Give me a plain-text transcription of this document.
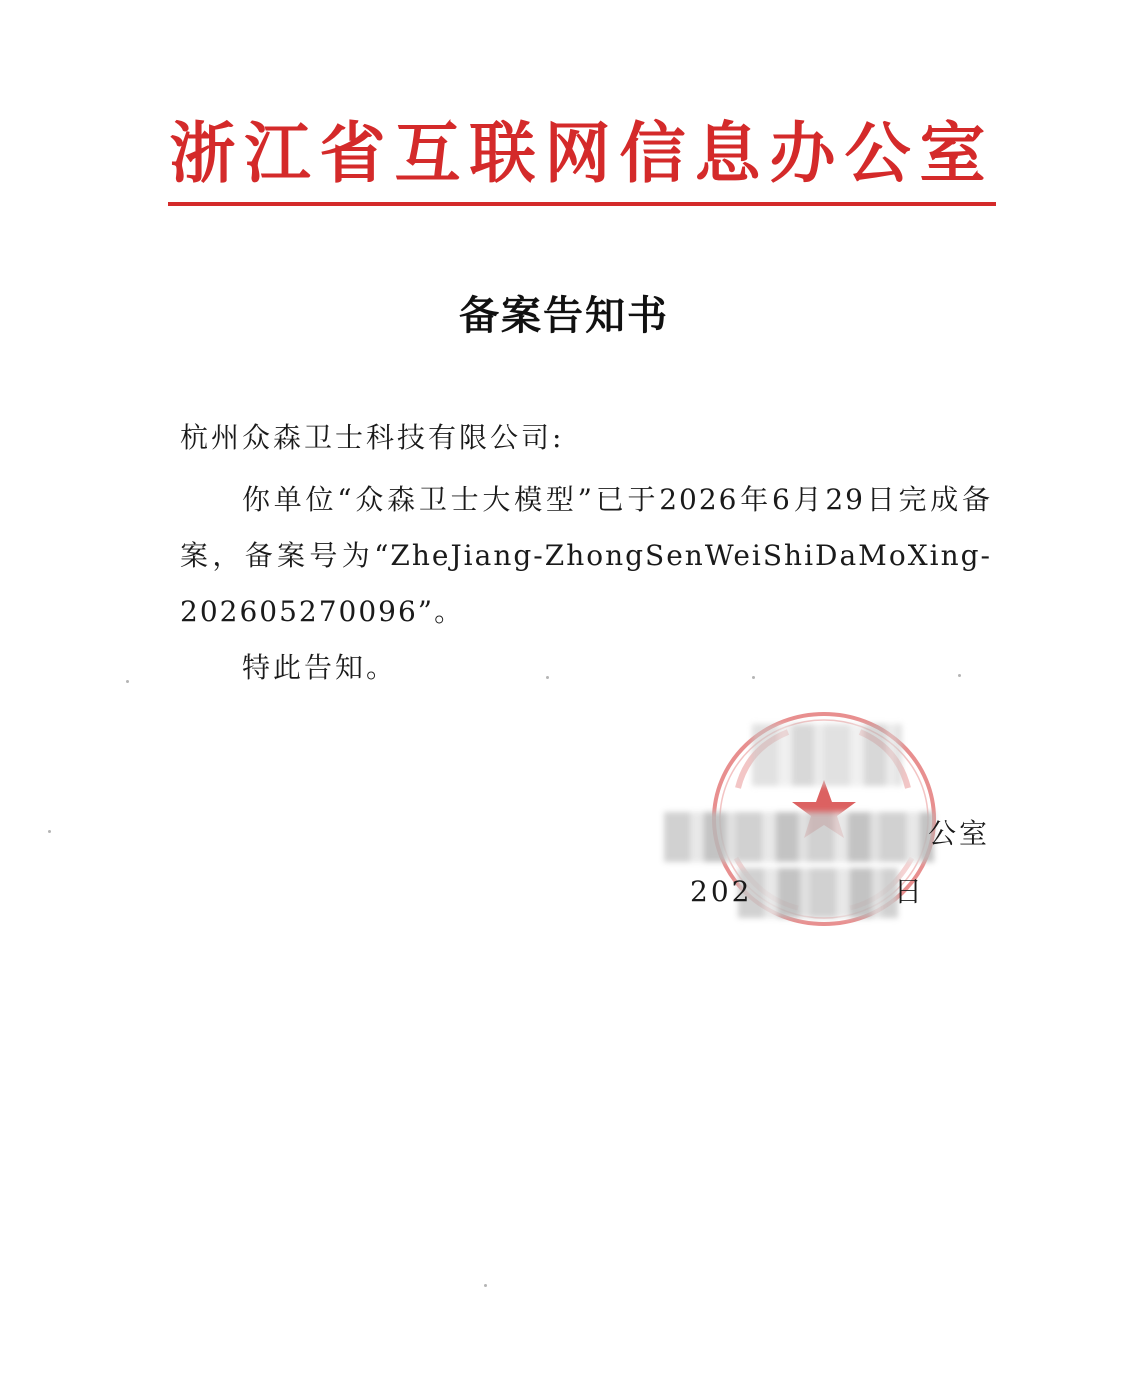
浙江省互联网信息办公室
备案告知书
杭州众森卫士科技有限公司:
你单位“众森卫士大模型”已于2026年6月29日完成备案，备案号为“ZheJiang-ZhongSenWeiShiDaMoXing-202605270096”。
特此告知。
公室
202	日
